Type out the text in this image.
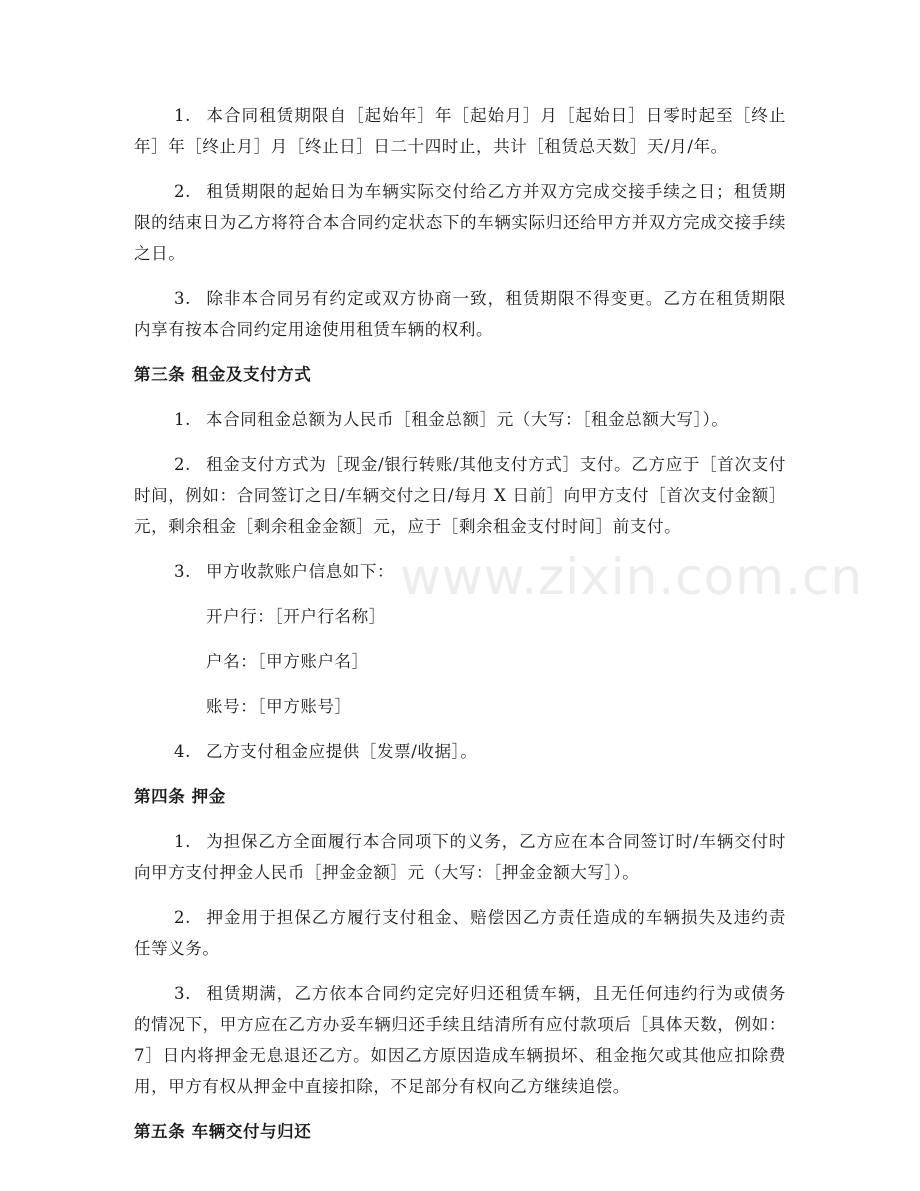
www.zixin.com.cn

1. 本合同租赁期限自［起始年］年［起始月］月［起始日］日零时起至［终止年］年［终止月］月［终止日］日二十四时止，共计［租赁总天数］天/月/年。

2. 租赁期限的起始日为车辆实际交付给乙方并双方完成交接手续之日；租赁期限的结束日为乙方将符合本合同约定状态下的车辆实际归还给甲方并双方完成交接手续之日。

3. 除非本合同另有约定或双方协商一致，租赁期限不得变更。乙方在租赁期限内享有按本合同约定用途使用租赁车辆的权利。

第三条 租金及支付方式

1. 本合同租金总额为人民币［租金总额］元（大写：［租金总额大写］）。

2. 租金支付方式为［现金/银行转账/其他支付方式］支付。乙方应于［首次支付时间，例如：合同签订之日/车辆交付之日/每月 X 日前］向甲方支付［首次支付金额］元，剩余租金［剩余租金金额］元，应于［剩余租金支付时间］前支付。

3. 甲方收款账户信息如下：

开户行：［开户行名称］
户名：［甲方账户名］
账号：［甲方账号］

4. 乙方支付租金应提供［发票/收据］。

第四条 押金

1. 为担保乙方全面履行本合同项下的义务，乙方应在本合同签订时/车辆交付时向甲方支付押金人民币［押金金额］元（大写：［押金金额大写］）。

2. 押金用于担保乙方履行支付租金、赔偿因乙方责任造成的车辆损失及违约责任等义务。

3. 租赁期满，乙方依本合同约定完好归还租赁车辆，且无任何违约行为或债务的情况下，甲方应在乙方办妥车辆归还手续且结清所有应付款项后［具体天数，例如：7］日内将押金无息退还乙方。如因乙方原因造成车辆损坏、租金拖欠或其他应扣除费用，甲方有权从押金中直接扣除，不足部分有权向乙方继续追偿。

第五条 车辆交付与归还
